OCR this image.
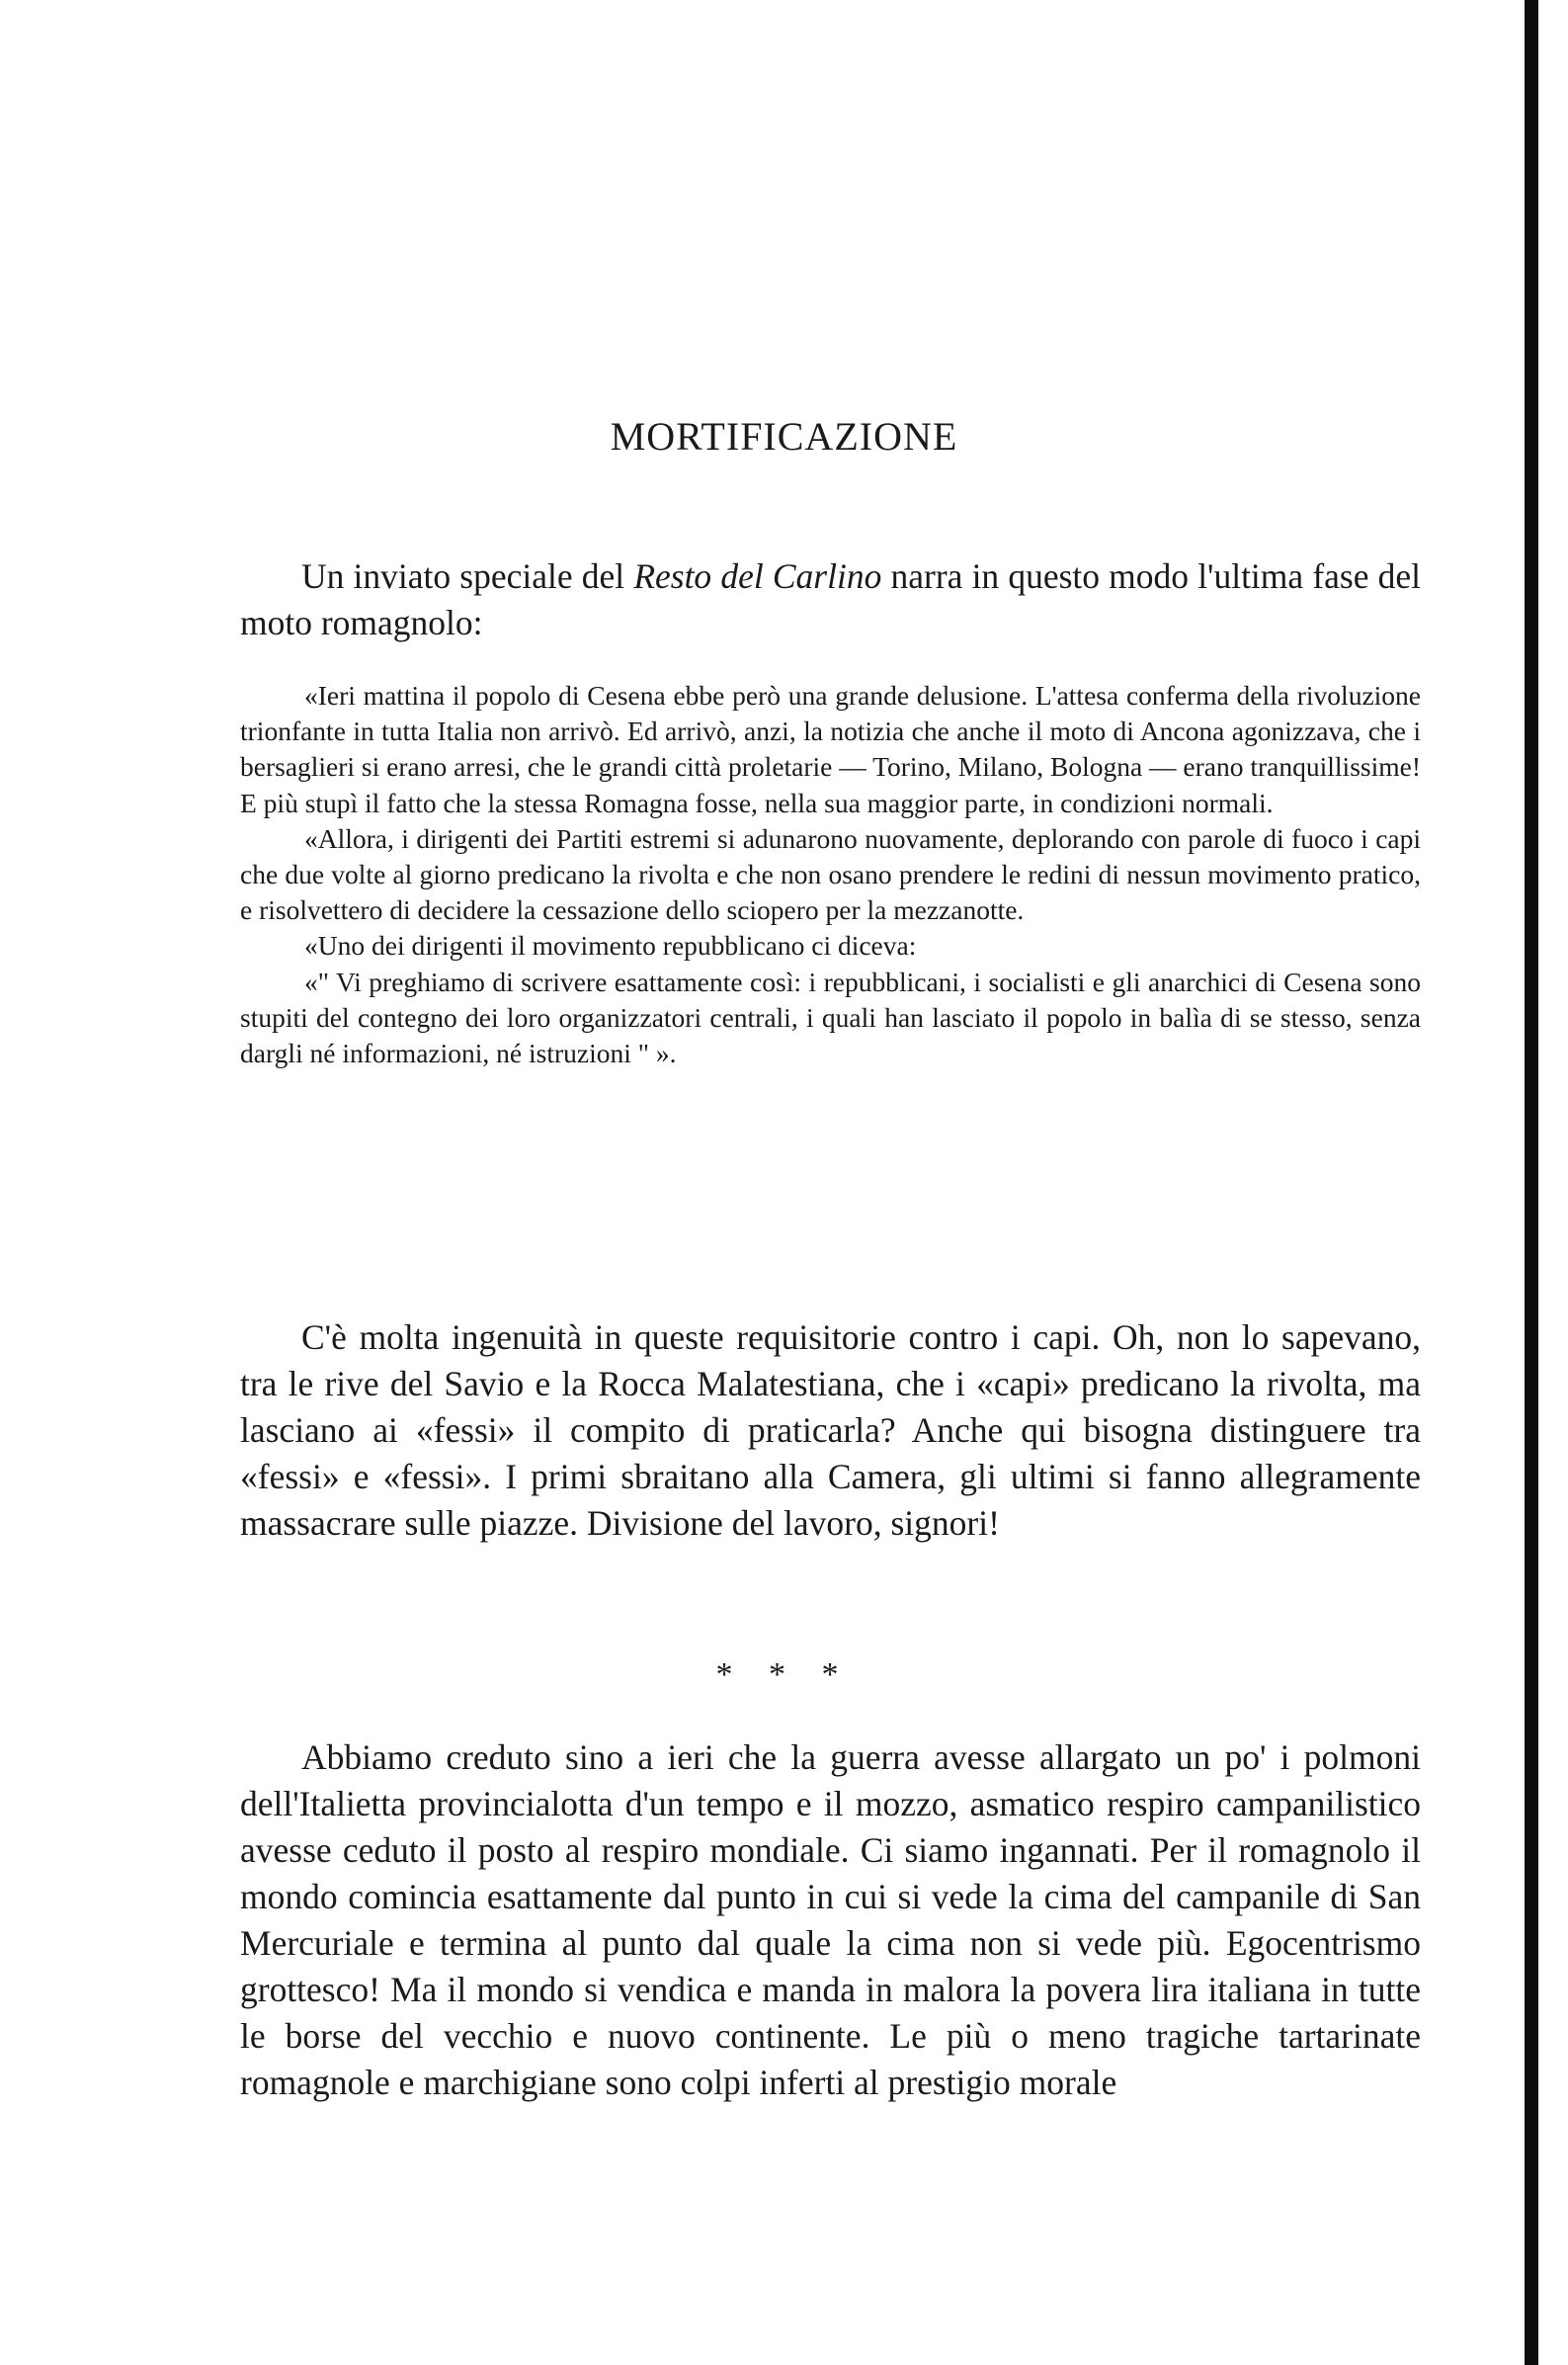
MORTIFICAZIONE

Un inviato speciale del Resto del Carlino narra in questo modo l'ultima fase del moto romagnolo:

«Ieri mattina il popolo di Cesena ebbe però una grande delusione. L'attesa conferma della rivoluzione trionfante in tutta Italia non arrivò. Ed arrivò, anzi, la notizia che anche il moto di Ancona agonizzava, che i bersaglieri si erano arresi, che le grandi città proletarie — Torino, Milano, Bologna — erano tranquillissime! E più stupì il fatto che la stessa Romagna fosse, nella sua maggior parte, in condizioni normali.

«Allora, i dirigenti dei Partiti estremi si adunarono nuovamente, deplorando con parole di fuoco i capi che due volte al giorno predicano la rivolta e che non osano prendere le redini di nessun movimento pratico, e risolvettero di decidere la cessazione dello sciopero per la mezzanotte.

«Uno dei dirigenti il movimento repubblicano ci diceva:

«" Vi preghiamo di scrivere esattamente così: i repubblicani, i socialisti e gli anarchici di Cesena sono stupiti del contegno dei loro organizzatori centrali, i quali han lasciato il popolo in balìa di se stesso, senza dargli né informazioni, né istruzioni " ».

C'è molta ingenuità in queste requisitorie contro i capi. Oh, non lo sapevano, tra le rive del Savio e la Rocca Malatestiana, che i «capi» predicano la rivolta, ma lasciano ai «fessi» il compito di praticarla? Anche qui bisogna distinguere tra «fessi» e «fessi». I primi sbraitano alla Camera, gli ultimi si fanno allegramente massacrare sulle piazze. Divisione del lavoro, signori!

* * *

Abbiamo creduto sino a ieri che la guerra avesse allargato un po' i polmoni dell'Italietta provincialotta d'un tempo e il mozzo, asmatico respiro campanilistico avesse ceduto il posto al respiro mondiale. Ci siamo ingannati. Per il romagnolo il mondo comincia esattamente dal punto in cui si vede la cima del campanile di San Mercuriale e termina al punto dal quale la cima non si vede più. Egocentrismo grottesco! Ma il mondo si vendica e manda in malora la povera lira italiana in tutte le borse del vecchio e nuovo continente. Le più o meno tragiche tartarinate romagnole e marchigiane sono colpi inferti al prestigio morale
